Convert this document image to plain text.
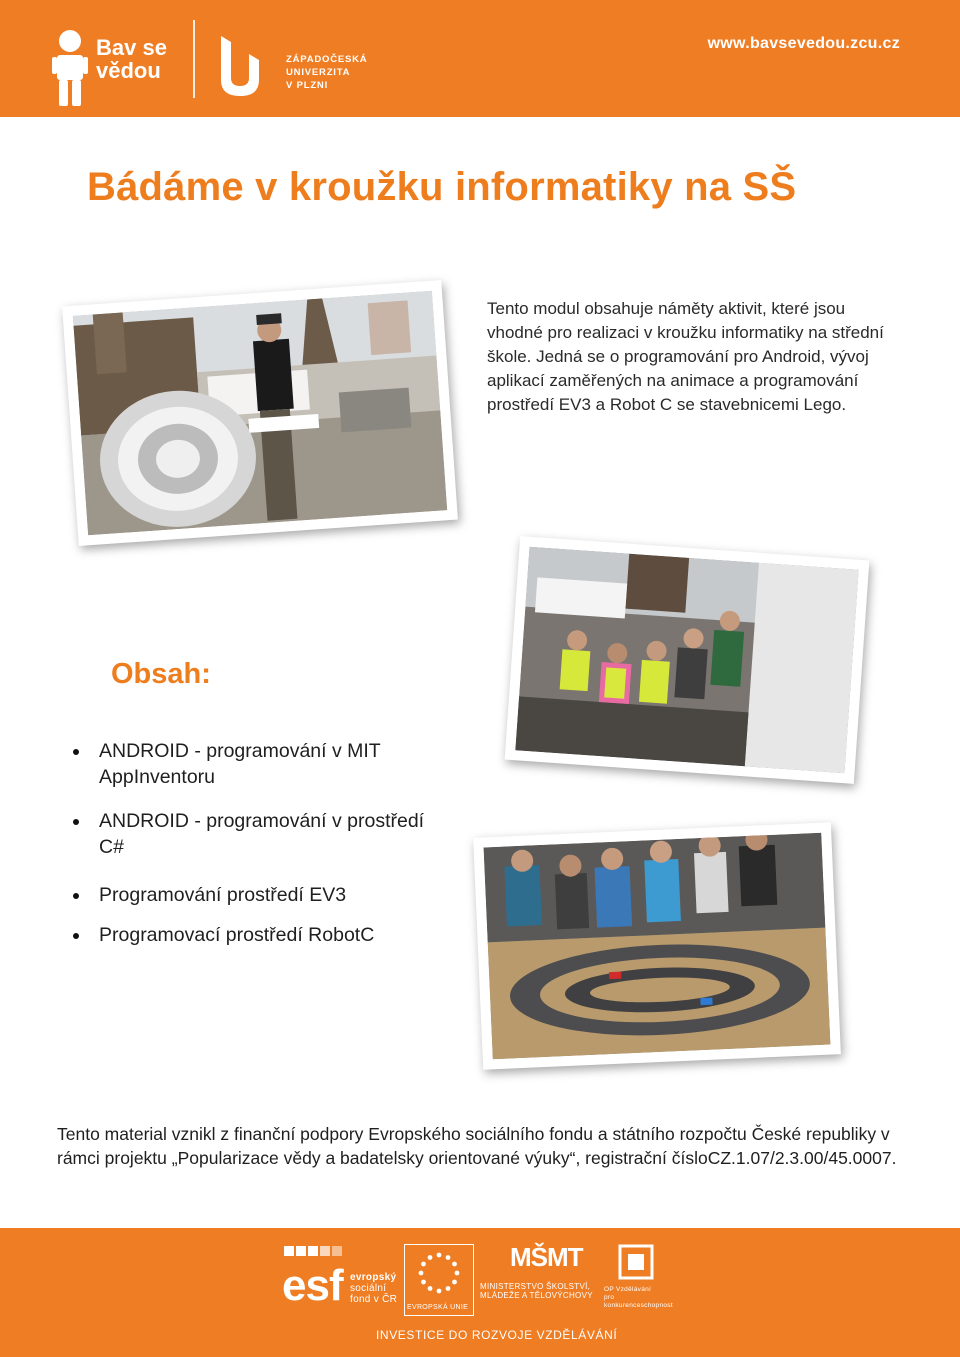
Bav se
vědou	ZÁPADOČESKÁ
UNIVERZITA
V PLZNI
www.bavsevedou.zcu.cz
Bádáme v kroužku informatiky na SŠ

Tento modul obsahuje náměty aktivit, které jsou vhodné pro realizaci v kroužku informatiky na střední škole. Jedná se o programování pro Android, vývoj aplikací zaměřených na animace a programování prostředí EV3 a Robot C se stavebnicemi Lego.

Obsah:
ANDROID - programování v MIT AppInventoru
ANDROID - programování v prostředí C#
Programování prostředí EV3
Programovací prostředí RobotC

Tento material vznikl z finanční podpory Evropského sociálního fondu a státního rozpočtu České republiky v rámci projektu „Popularizace vědy a badatelsky orientované výuky“, registrační čísloCZ.1.07/2.3.00/45.0007.

esf evropský
sociální
fond v ČR
EVROPSKÁ UNIE
MŠMT
MINISTERSTVO ŠKOLSTVÍ,
MLÁDEŽE A TĚLOVÝCHOVY
OP Vzdělávání
pro konkurenceschopnost
INVESTICE DO ROZVOJE VZDĚLÁVÁNÍ
